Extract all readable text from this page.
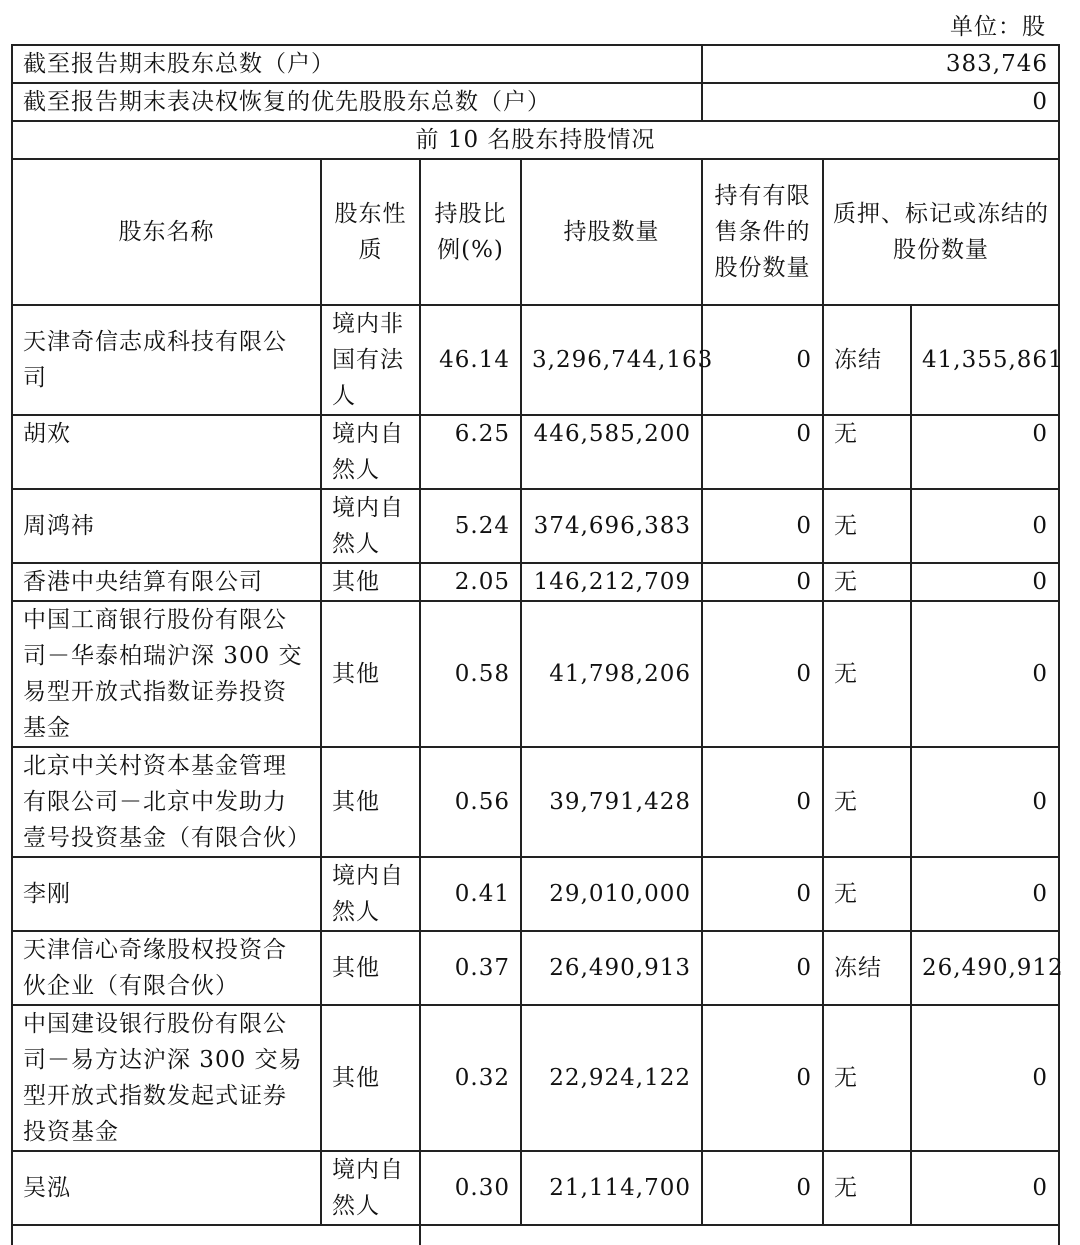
单位：股
截至报告期末股东总数（户）				383,746		
截至报告期末表决权恢复的优先股股东总数（户）				0		
前 10 名股东持股情况						
股东名称	股东性质	持股比例(%)	持股数量	持有有限售条件的股份数量	质押、标记或冻结的股份数量	
天津奇信志成科技有限公司	境内非国有法人	46.14	3,296,744,163	0	冻结	41,355,861
胡欢	境内自然人	6.25	446,585,200	0	无	0
周鸿祎	境内自然人	5.24	374,696,383	0	无	0
香港中央结算有限公司	其他	2.05	146,212,709	0	无	0
中国工商银行股份有限公司－华泰柏瑞沪深 300 交易型开放式指数证券投资基金	其他	0.58	41,798,206	0	无	0
北京中关村资本基金管理有限公司－北京中发助力壹号投资基金（有限合伙）	其他	0.56	39,791,428	0	无	0
李刚	境内自然人	0.41	29,010,000	0	无	0
天津信心奇缘股权投资合伙企业（有限合伙）	其他	0.37	26,490,913	0	冻结	26,490,912
中国建设银行股份有限公司－易方达沪深 300 交易型开放式指数发起式证券投资基金	其他	0.32	22,924,122	0	无	0
吴泓	境内自然人	0.30	21,114,700	0	无	0
